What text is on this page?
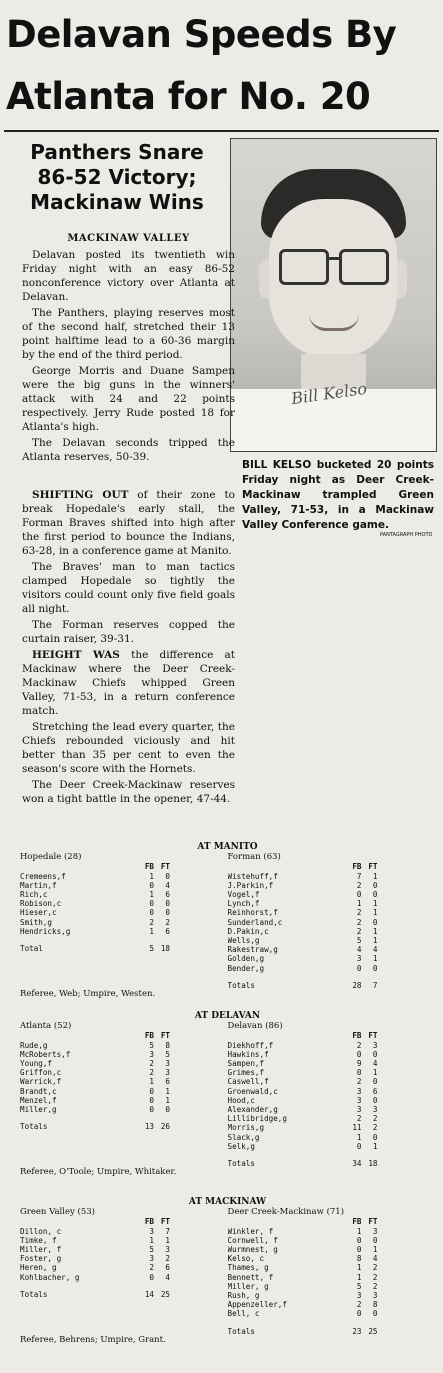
Delavan Speeds By
Atlanta for No. 20
Panthers Snare
86-52 Victory;
Mackinaw Wins
Bill Kelso
BILL KELSO bucketed 20 points Friday night as Deer Creek-Mackinaw trampled Green Valley, 71-53, in a Mackinaw Valley Conference game.
PANTAGRAPH PHOTO
MACKINAW VALLEY

Delavan posted its twentieth win Friday night with an easy 86-52 nonconference victory over Atlanta at Delavan.

The Panthers, playing reserves most of the second half, stretched their 13 point halftime lead to a 60-36 margin by the end of the third period.

George Morris and Duane Sampen were the big guns in the winners' attack with 24 and 22 points respectively. Jerry Rude posted 18 for Atlanta's high.

The Delavan seconds tripped the Atlanta reserves, 50-39.

SHIFTING OUT of their zone to break Hopedale's early stall, the Forman Braves shifted into high after the first period to bounce the Indians, 63-28, in a conference game at Manito.

The Braves' man to man tactics clamped Hopedale so tightly the visitors could count only five field goals all night.

The Forman reserves copped the curtain raiser, 39-31.

HEIGHT WAS the difference at Mackinaw where the Deer Creek-Mackinaw Chiefs whipped Green Valley, 71-53, in a return conference match.

Stretching the lead every quarter, the Chiefs rebounded viciously and hit better than 35 per cent to even the season's score with the Hornets.

The Deer Creek-Mackinaw reserves won a tight battle in the opener, 47-44.

AT MANITO
Hopedale (28)	Forman (63)
FB FT
Cremeens,f	1	0
Martin,f	0	4
Rich,c	1	6
Robison,c	0	0
Hieser,c	0	0
Smith,g	2	2
Hendricks,g	1	6
Total	5 18
FB FT
Wistehuff,f	7	1
J.Parkin,f	2	0
Vogel,f	0	0
Lynch,f	1	1
Reinhorst,f	2	1
Sunderland,c	2	0
D.Pakin,c	2	1
Wells,g	5	1
Rakestraw,g	4	4
Golden,g	3	1
Bender,g	0	0
Totals	28	7
Referee, Web; Umpire, Westen.
AT DELAVAN
Atlanta (52)	Delavan (86)
FB FT
Rude,g	5	8
McRoberts,f	3	5
Young,f	2	3
Griffon,c	2	3
Warrick,f	1	6
Brandt,c	0	1
Menzel,f	0	1
Miller,g	0	0
Totals	13 26
FB FT
Diekhoff,f	2	3
Hawkins,f	0	0
Sampen,f	9	4
Grimes,f	0	1
Caswell,f	2	0
Groenwald,c	3	6
Hood,c	3	0
Alexander,g	3	3
Lillibridge,g	2	2
Morris,g	11	2
Slack,g	1	0
Selk,g	0	1
Totals	34 18
Referee, O'Toole; Umpire, Whitaker.
AT MACKINAW
Green Valley (53)	Deer Creek-Mackinaw (71)
FB FT
Dillon, c	3	7
Timke, f	1	1
Miller, f	5	3
Foster, g	3	2
Heren, g	2	6
Kohlbacher, g	0	4
Totals	14 25
FB FT
Winkler, f	1	3
Cornwell, f	0	0
Wurmnest, g	0	1
Kelso, c	8	4
Thames, g	1	2
Bennett, f	1	2
Miller, g	5	2
Rush, g	3	3
Appenzeller,f	2	8
Bell, c	0	0
Totals	23 25
Referee, Behrens; Umpire, Grant.
